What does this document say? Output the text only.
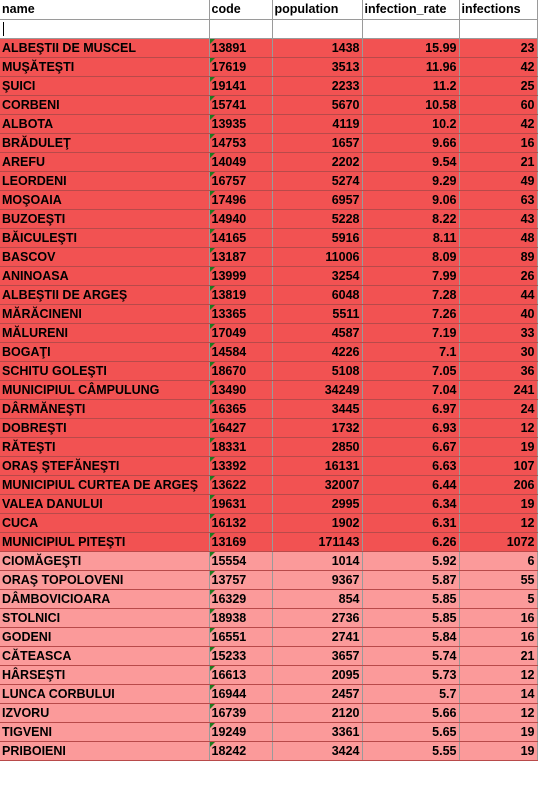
name	code	population	infection_rate	infections

ALBEŞTII DE MUSCEL	13891	1438	15.99	23
MUŞĂTEŞTI	17619	3513	11.96	42
ŞUICI	19141	2233	11.2	25
CORBENI	15741	5670	10.58	60
ALBOTA	13935	4119	10.2	42
BRĂDULEŢ	14753	1657	9.66	16
AREFU	14049	2202	9.54	21
LEORDENI	16757	5274	9.29	49
MOŞOAIA	17496	6957	9.06	63
BUZOEŞTI	14940	5228	8.22	43
BĂICULEŞTI	14165	5916	8.11	48
BASCOV	13187	11006	8.09	89
ANINOASA	13999	3254	7.99	26
ALBEŞTII DE ARGEŞ	13819	6048	7.28	44
MĂRĂCINENI	13365	5511	7.26	40
MĂLURENI	17049	4587	7.19	33
BOGAŢI	14584	4226	7.1	30
SCHITU GOLEŞTI	18670	5108	7.05	36
MUNICIPIUL CÂMPULUNG	13490	34249	7.04	241
DÂRMĂNEŞTI	16365	3445	6.97	24
DOBREŞTI	16427	1732	6.93	12
RĂTEŞTI	18331	2850	6.67	19
ORAŞ ŞTEFĂNEŞTI	13392	16131	6.63	107
MUNICIPIUL CURTEA DE ARGEŞ	13622	32007	6.44	206
VALEA DANULUI	19631	2995	6.34	19
CUCA	16132	1902	6.31	12
MUNICIPIUL PITEŞTI	13169	171143	6.26	1072
CIOMĂGEŞTI	15554	1014	5.92	6
ORAŞ TOPOLOVENI	13757	9367	5.87	55
DÂMBOVICIOARA	16329	854	5.85	5
STOLNICI	18938	2736	5.85	16
GODENI	16551	2741	5.84	16
CĂTEASCA	15233	3657	5.74	21
HÂRSEŞTI	16613	2095	5.73	12
LUNCA CORBULUI	16944	2457	5.7	14
IZVORU	16739	2120	5.66	12
TIGVENI	19249	3361	5.65	19
PRIBOIENI	18242	3424	5.55	19
